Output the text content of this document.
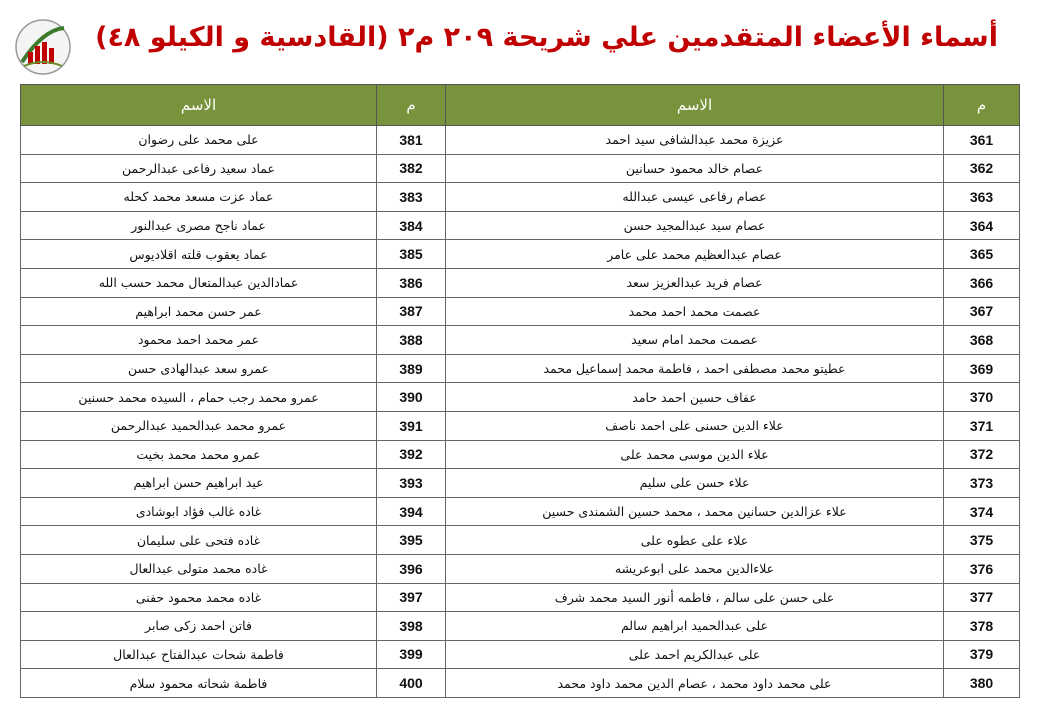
أسماء الأعضاء المتقدمين علي شريحة ٢٠٩ م٢ (القادسية و الكيلو ٤٨)
م	الاسم	م	الاسم
361	عزيزة محمد عبدالشافى سيد احمد	381	على محمد على رضوان
362	عصام خالد محمود حسانين	382	عماد سعيد رفاعى عبدالرحمن
363	عصام رفاعى عيسى عبدالله	383	عماد عزت مسعد محمد كحله
364	عصام سيد عبدالمجيد حسن	384	عماد ناجح مصرى عبدالنور
365	عصام عبدالعظيم محمد على عامر	385	عماد يعقوب قلته اقلاديوس
366	عصام فريد عبدالعزيز سعد	386	عمادالدين عبدالمتعال محمد حسب الله
367	عصمت محمد احمد محمد	387	عمر حسن محمد ابراهيم
368	عصمت محمد امام سعيد	388	عمر محمد احمد محمود
369	عطيتو محمد مصطفى احمد ، فاطمة محمد إسماعيل محمد	389	عمرو سعد عبدالهادى حسن
370	عفاف حسين احمد حامد	390	عمرو محمد رجب حمام ، السيده محمد حسنين
371	علاء الدين حسنى على احمد ناصف	391	عمرو محمد عبدالحميد عبدالرحمن
372	علاء الدين موسى محمد على	392	عمرو محمد محمد بخيت
373	علاء حسن على سليم	393	عيد ابراهيم حسن ابراهيم
374	علاء عزالدين حسانين محمد ، محمد حسين الشمندى حسين	394	غاده غالب فؤاد ابوشادى
375	علاء على عطوه على	395	غاده فتحى على سليمان
376	علاءالدين محمد على ابوعريشه	396	غاده محمد متولى عبدالعال
377	على حسن على سالم ، فاطمه أنور السيد محمد شرف	397	غاده محمد محمود حفنى
378	على عبدالحميد ابراهيم سالم	398	فاتن احمد زكى صابر
379	على عبدالكريم احمد على	399	فاطمة شحات عبدالفتاح عبدالعال
380	على محمد داود محمد ، عصام الدين محمد داود محمد	400	فاطمة شحاته محمود سلام
